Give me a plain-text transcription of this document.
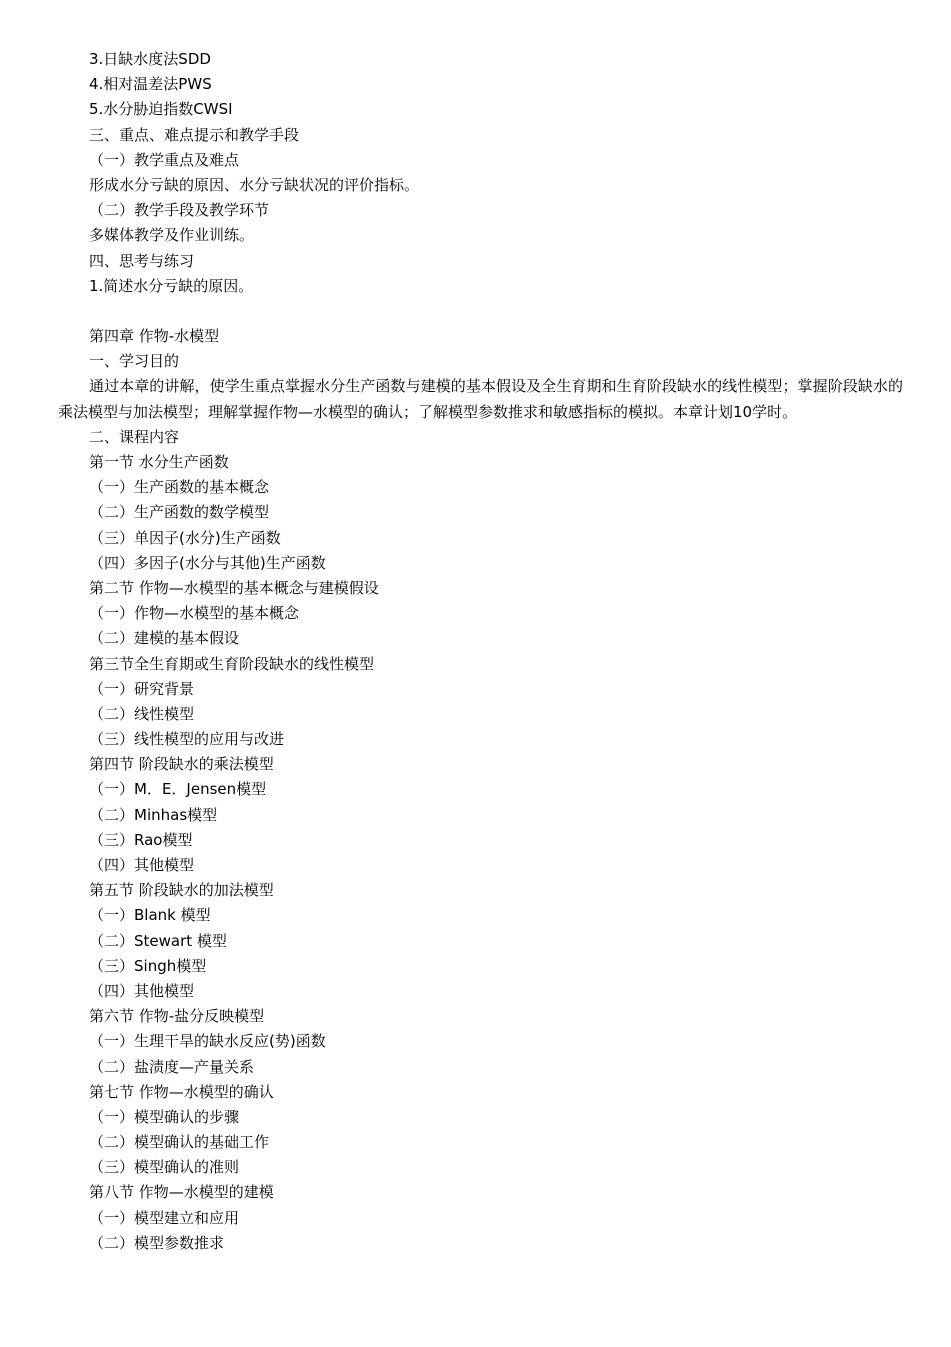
3.日缺水度法SDD
4.相对温差法PWS
5.水分胁迫指数CWSI
三、重点、难点提示和教学手段
（一）教学重点及难点
形成水分亏缺的原因、水分亏缺状况的评价指标。
（二）教学手段及教学环节
多媒体教学及作业训练。
四、思考与练习
1.简述水分亏缺的原因。
第四章 作物-水模型
一、学习目的
通过本章的讲解，使学生重点掌握水分生产函数与建模的基本假设及全生育期和生育阶段缺水的线性模型；掌握阶段缺水的乘法模型与加法模型；理解掌握作物—水模型的确认；了解模型参数推求和敏感指标的模拟。本章计划10学时。
二、课程内容
第一节 水分生产函数
（一）生产函数的基本概念
（二）生产函数的数学模型
（三）单因子(水分)生产函数
（四）多因子(水分与其他)生产函数
第二节 作物—水模型的基本概念与建模假设
（一）作物—水模型的基本概念
（二）建模的基本假设
第三节全生育期或生育阶段缺水的线性模型
（一）研究背景
（二）线性模型
（三）线性模型的应用与改进
第四节 阶段缺水的乘法模型
（一）M．E．Jensen模型
（二）Minhas模型
（三）Rao模型
（四）其他模型
第五节 阶段缺水的加法模型
（一）Blank 模型
（二）Stewart 模型
（三）Singh模型
（四）其他模型
第六节 作物-盐分反映模型
（一）生理干旱的缺水反应(势)函数
（二）盐渍度—产量关系
第七节 作物—水模型的确认
（一）模型确认的步骤
（二）模型确认的基础工作
（三）模型确认的准则
第八节 作物—水模型的建模
（一）模型建立和应用
（二）模型参数推求
